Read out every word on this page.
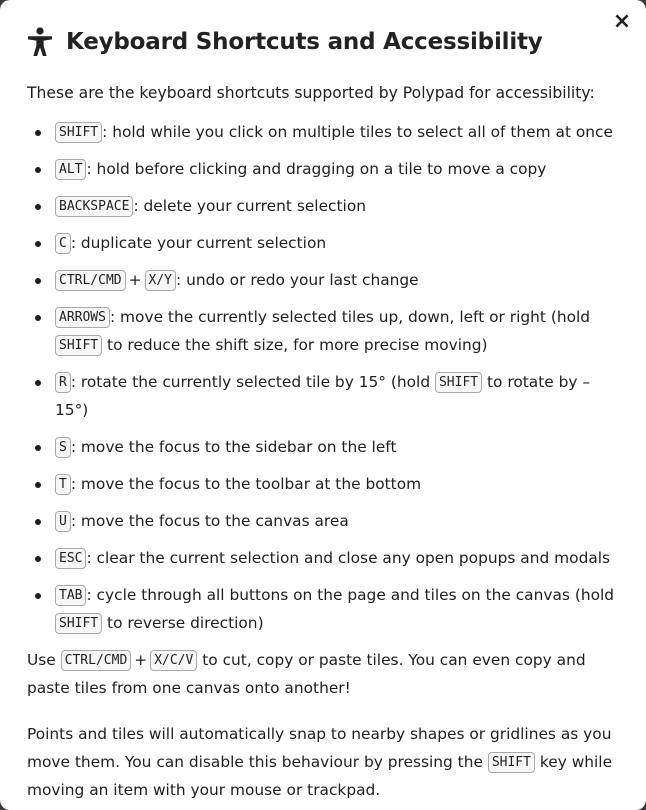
×
Keyboard Shortcuts and Accessibility
These are the keyboard shortcuts supported by Polypad for accessibility:
SHIFT : hold while you click on multiple tiles to select all of them at once
ALT : hold before clicking and dragging on a tile to move a copy
BACKSPACE : delete your current selection
C : duplicate your current selection
CTRL/CMD + X/Y : undo or redo your last change
ARROWS : move the currently selected tiles up, down, left or right (hold SHIFT to reduce the shift size, for more precise moving)
R : rotate the currently selected tile by 15° (hold SHIFT to rotate by –15°)
S : move the focus to the sidebar on the left
T : move the focus to the toolbar at the bottom
U : move the focus to the canvas area
ESC : clear the current selection and close any open popups and modals
TAB : cycle through all buttons on the page and tiles on the canvas (hold SHIFT to reverse direction)

Use CTRL/CMD + X/C/V to cut, copy or paste tiles. You can even copy and paste tiles from one canvas onto another!

Points and tiles will automatically snap to nearby shapes or gridlines as you move them. You can disable this behaviour by pressing the SHIFT key while moving an item with your mouse or trackpad.
